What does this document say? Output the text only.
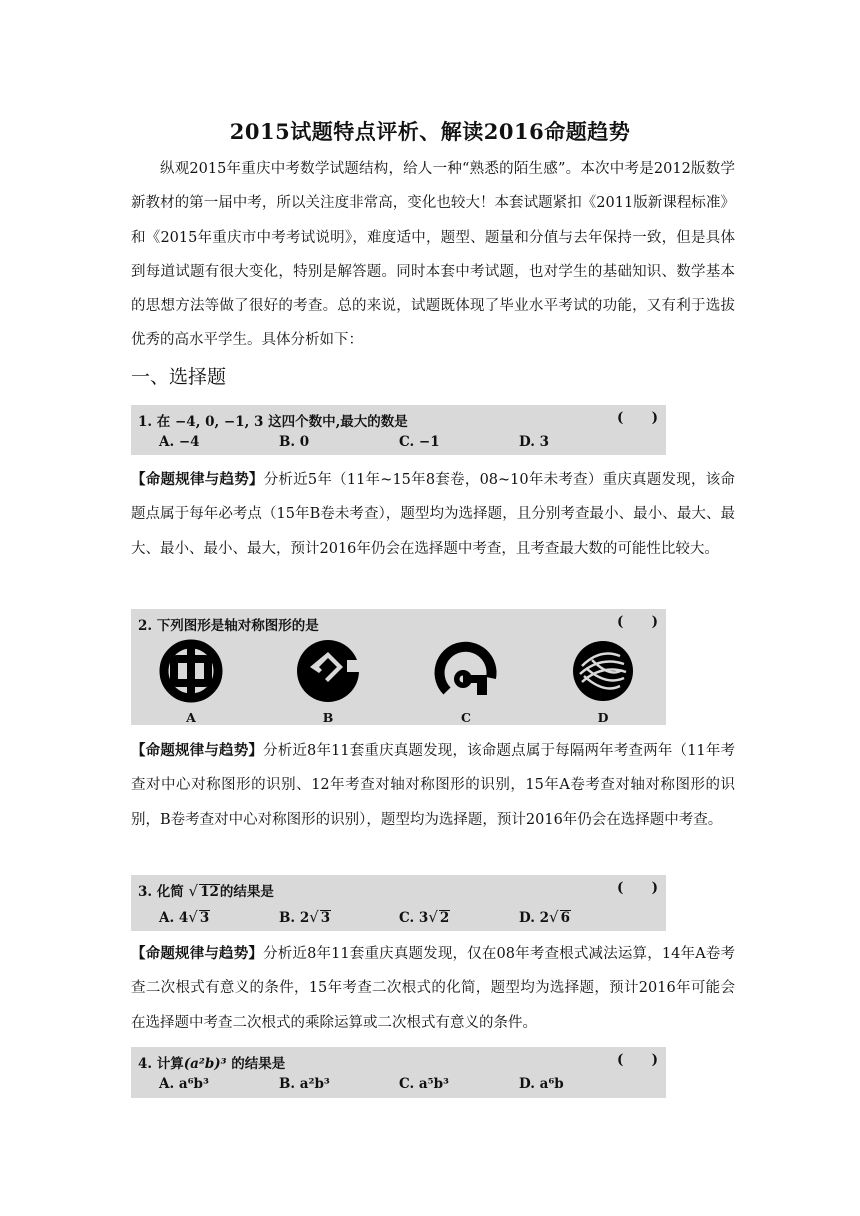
2015试题特点评析、解读2016命题趋势

纵观2015年重庆中考数学试题结构，给人一种“熟悉的陌生感”。本次中考是2012版数学新教材的第一届中考，所以关注度非常高，变化也较大！本套试题紧扣《2011版新课程标准》和《2015年重庆市中考考试说明》，难度适中，题型、题量和分值与去年保持一致，但是具体到每道试题有很大变化，特别是解答题。同时本套中考试题，也对学生的基础知识、数学基本的思想方法等做了很好的考查。总的来说，试题既体现了毕业水平考试的功能，又有利于选拔优秀的高水平学生。具体分析如下：

一、选择题
1. 在 −4, 0, −1, 3 这四个数中,最大的数是	(      )
A. −4	B. 0	C. −1	D. 3

【命题规律与趋势】分析近5年（11年~15年8套卷，08~10年未考查）重庆真题发现，该命题点属于每年必考点（15年B卷未考查），题型均为选择题，且分别考查最小、最小、最大、最大、最小、最小、最大，预计2016年仍会在选择题中考查，且考查最大数的可能性比较大。

2. 下列图形是轴对称图形的是	(      )
A	B	C	D

【命题规律与趋势】分析近8年11套重庆真题发现，该命题点属于每隔两年考查两年（11年考查对中心对称图形的识别、12年考查对轴对称图形的识别，15年A卷考查对轴对称图形的识别，B卷考查对中心对称图形的识别），题型均为选择题，预计2016年仍会在选择题中考查。

3. 化简 √ 12的结果是	(      )
A. 4√ 3	B. 2√ 3	C. 3√ 2	D. 2√ 6

【命题规律与趋势】分析近8年11套重庆真题发现，仅在08年考查根式减法运算，14年A卷考查二次根式有意义的条件，15年考查二次根式的化简，题型均为选择题，预计2016年可能会在选择题中考查二次根式的乘除运算或二次根式有意义的条件。

4. 计算(a²b)³ 的结果是	(      )
A. a⁶b³	B. a²b³	C. a⁵b³	D. a⁶b
